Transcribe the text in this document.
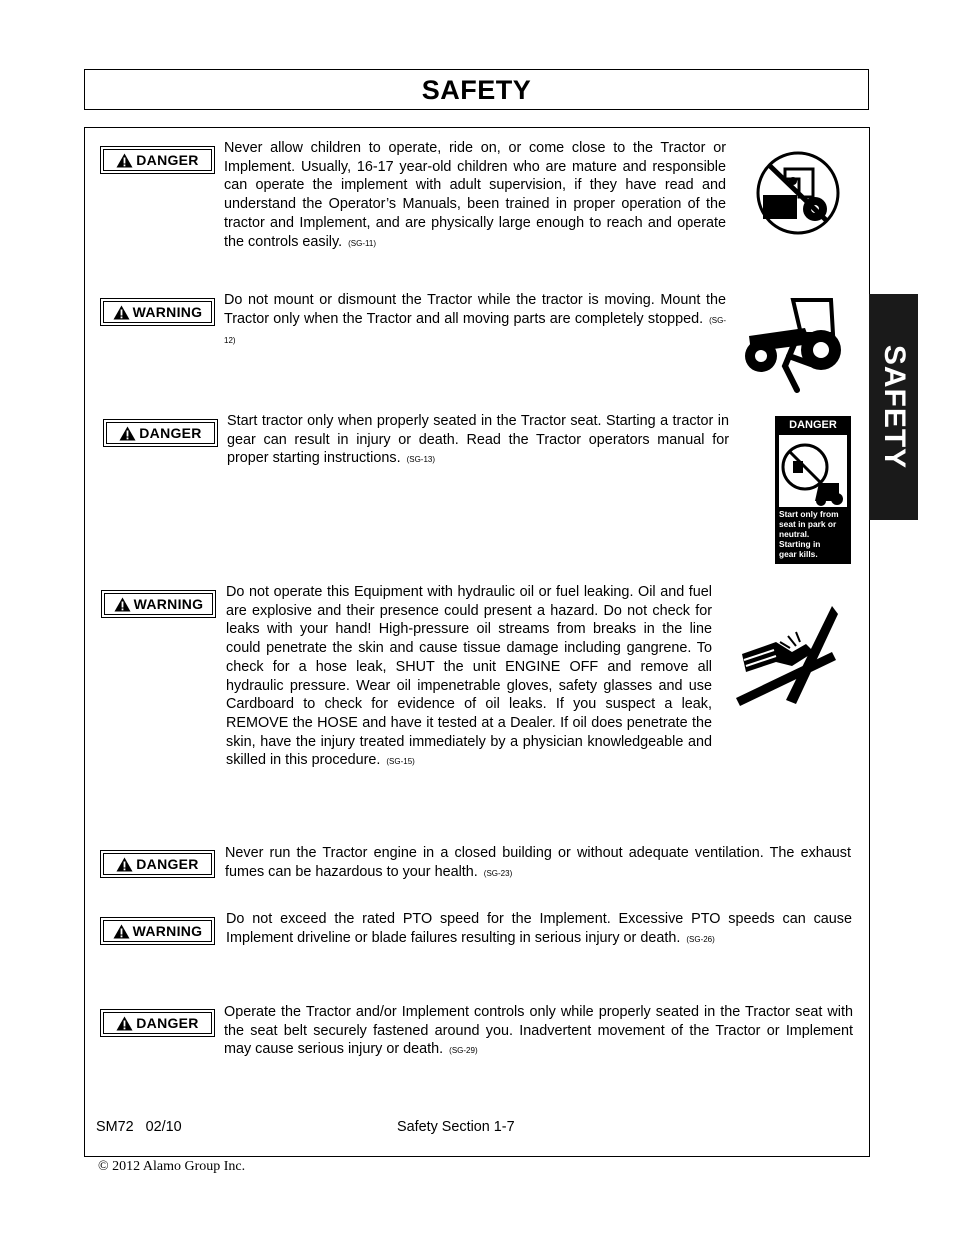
SAFETY
SAFETY
DANGER
Never allow children to operate, ride on, or come close to the Tractor or Implement. Usually, 16-17 year-old children who are mature and responsible can operate the implement with adult supervision, if they have read and understand the Operator’s Manuals, been trained in proper operation of the tractor and Implement, and are physically large enough to reach and operate the controls easily. (SG-11)
WARNING
Do not mount or dismount the Tractor while the tractor is moving. Mount the Tractor only when the Tractor and all moving parts are completely stopped. (SG-12)
DANGER
Start tractor only when properly seated in the Tractor seat. Starting a tractor in gear can result in injury or death. Read the Tractor operators manual for proper starting instructions. (SG-13)
DANGER
Start only from
seat in park or
neutral.
Starting in
gear kills.
WARNING
Do not operate this Equipment with hydraulic oil or fuel leaking. Oil and fuel are explosive and their presence could present a hazard. Do not check for leaks with your hand! High-pressure oil streams from breaks in the line could penetrate the skin and cause tissue damage including gangrene. To check for a hose leak, SHUT the unit ENGINE OFF and remove all hydraulic pressure. Wear oil impenetrable gloves, safety glasses and use Cardboard to check for evidence of oil leaks. If you suspect a leak, REMOVE the HOSE and have it tested at a Dealer. If oil does penetrate the skin, have the injury treated immediately by a physician knowledgeable and skilled in this procedure. (SG-15)
DANGER
Never run the Tractor engine in a closed building or without adequate ventilation. The exhaust fumes can be hazardous to your health. (SG-23)
WARNING
Do not exceed the rated PTO speed for the Implement. Excessive PTO speeds can cause Implement driveline or blade failures resulting in serious injury or death. (SG-26)
DANGER
Operate the Tractor and/or Implement controls only while properly seated in the Tractor seat with the seat belt securely fastened around you. Inadvertent movement of the Tractor or Implement may cause serious injury or death. (SG-29)
SM72   02/10	Safety Section 1-7
© 2012 Alamo Group Inc.
